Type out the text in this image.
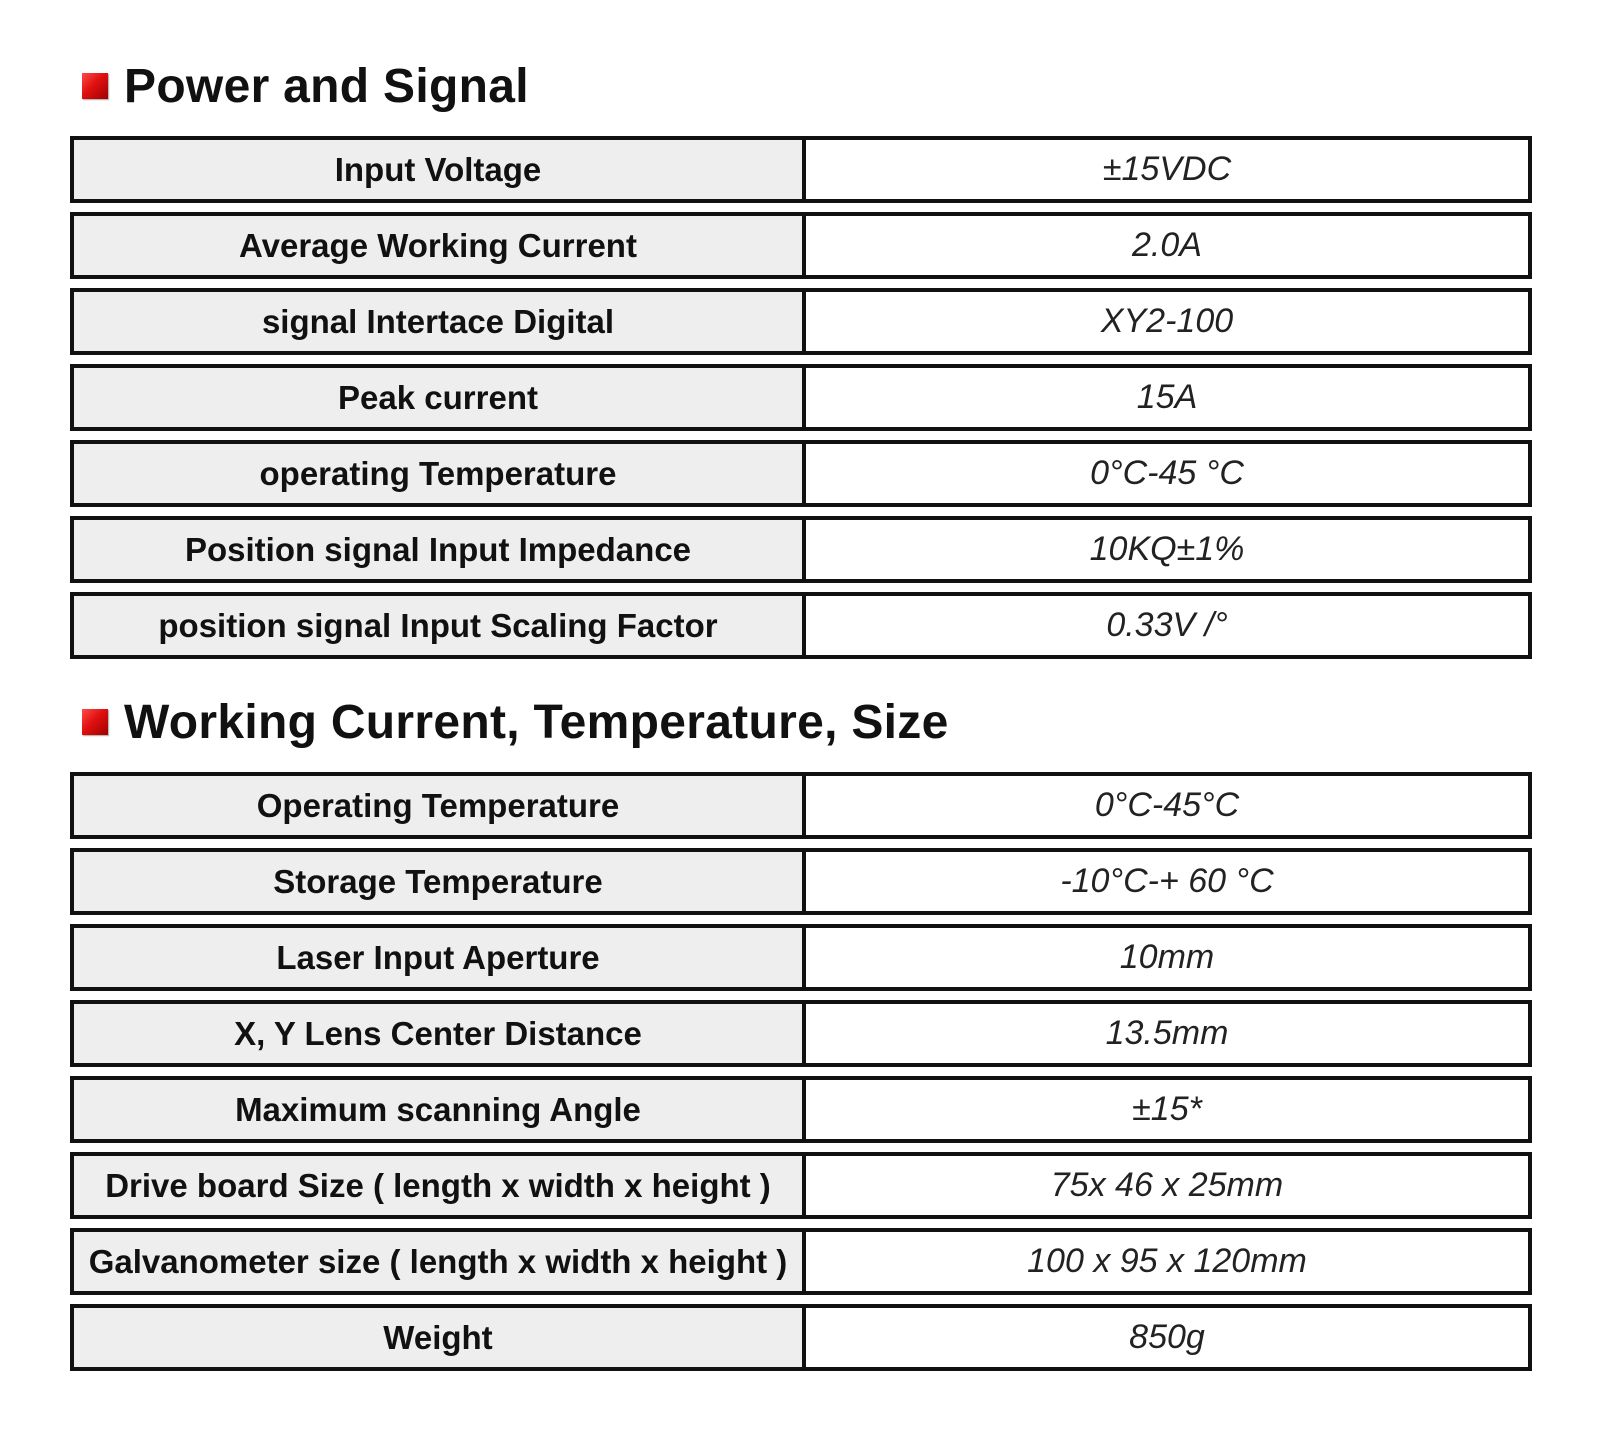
Power and Signal
Input Voltage	±15VDC
Average Working Current	2.0A
signal Intertace Digital	XY2-100
Peak current	15A
operating Temperature	0°C-45 °C
Position signal Input Impedance	10KQ±1%
position signal Input Scaling Factor	0.33V /°
Working Current, Temperature, Size
Operating Temperature	0°C-45°C
Storage Temperature	-10°C-+ 60 °C
Laser Input Aperture	10mm
X, Y Lens Center Distance	13.5mm
Maximum scanning Angle	±15*
Drive board Size ( length x width x height )	75x 46 x 25mm
Galvanometer size ( length x width x height )	100 x 95 x 120mm
Weight	850g
